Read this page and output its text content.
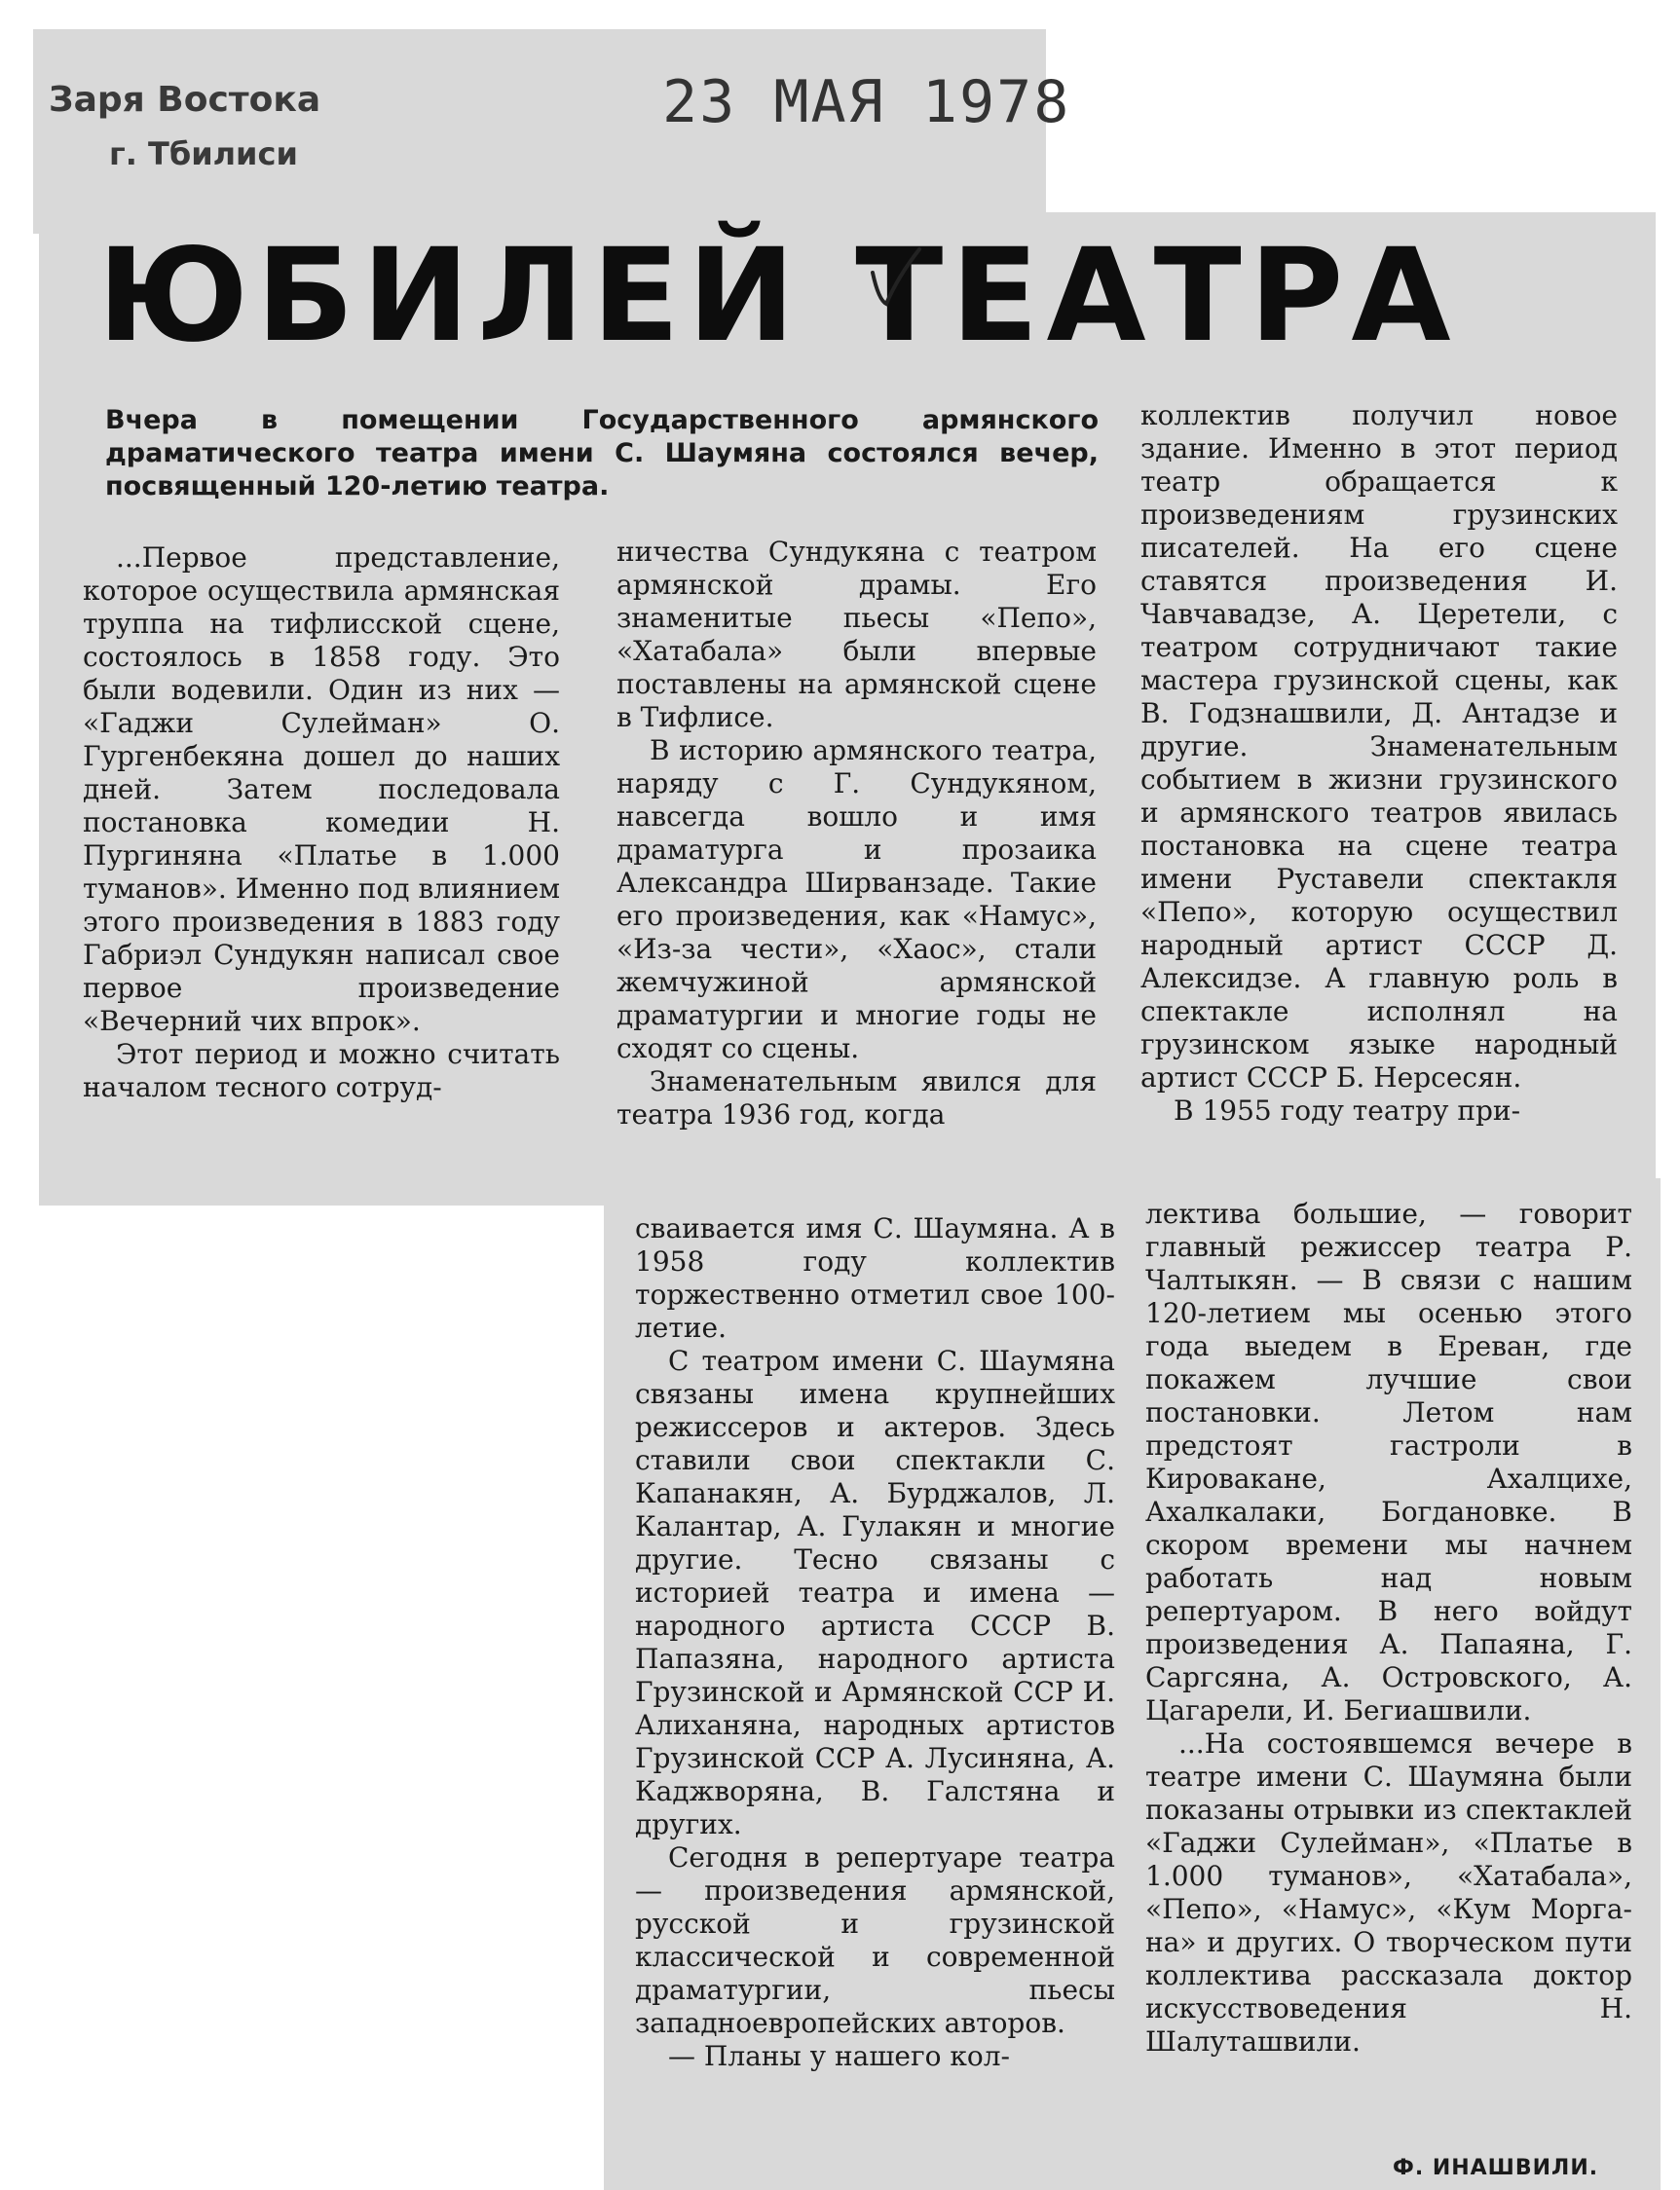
Заря Востока
г. Тбилиси
23 МАЯ 1978
ЮБИЛЕЙ ТЕАТРА
Вчера в помещении Государственного армянского драматического театра имени С. Шаумяна состоялся вечер, посвященный 120-летию театра.

...Первое представление, которое осуществила армянская труппа на тифлисской сцене, состоялось в 1858 году. Это были водевили. Один из них — «Гаджи Сулейман» О. Гургенбекяна дошел до наших дней. Затем последовала постановка комедии Н. Пургиняна «Платье в 1.000 туманов». Именно под влиянием этого произведения в 1883 году Габриэл Сундукян написал свое первое произведение «Вечерний чих впрок».

Этот период и можно считать началом тесного сотруд-

ничества Сундукяна с театром армянской драмы. Его знаменитые пьесы «Пепо», «Хатабала» были впервые поставлены на армянской сцене в Тифлисе.

В историю армянского театра, наряду с Г. Сундукяном, навсегда вошло и имя драматурга и прозаика Александра Ширванзаде. Такие его произведения, как «Намус», «Из-за чести», «Хаос», стали жемчужиной армянской драматургии и многие годы не сходят со сцены.

Знаменательным явился для театра 1936 год, когда

коллектив получил новое здание. Именно в этот период театр обращается к произведениям грузинских писателей. На его сцене ставятся произведения И. Чавчавадзе, А. Церетели, с театром сотрудничают такие мастера грузинской сцены, как В. Годзнашвили, Д. Антадзе и другие. Знаменательным событием в жизни грузинского и армянского театров явилась постановка на сцене театра имени Руставели спектакля «Пепо», которую осуществил народный артист СССР Д. Алексидзе. А главную роль в спектакле исполнял на грузинском языке народный артист СССР Б. Нерсесян.

В 1955 году театру при-

сваивается имя С. Шаумяна. А в 1958 году коллектив торжественно отметил свое 100-летие.

С театром имени С. Шаумяна связаны имена крупнейших режиссеров и актеров. Здесь ставили свои спектакли С. Капанакян, А. Бурджалов, Л. Калантар, А. Гулакян и многие другие. Тесно связаны с историей театра и имена — народного артиста СССР В. Папазяна, народного артиста Грузинской и Армянской ССР И. Алиханяна, народных артистов Грузинской ССР А. Лусиняна, А. Каджворяна, В. Галстяна и других.

Сегодня в репертуаре театра — произведения армянской, русской и грузинской классической и современной драматургии, пьесы западноевропейских авторов.

— Планы у нашего кол-

лектива большие, — говорит главный режиссер театра Р. Чалтыкян. — В связи с нашим 120-летием мы осенью этого года выедем в Ереван, где покажем лучшие свои постановки. Летом нам предстоят гастроли в Кировакане, Ахалцихе, Ахалкалаки, Богдановке. В скором времени мы начнем работать над новым репертуаром. В него войдут произведения А. Папаяна, Г. Саргсяна, А. Островского, А. Цагарели, И. Бегиашвили.

...На состоявшемся вечере в театре имени С. Шаумяна были показаны отрывки из спектаклей «Гаджи Сулейман», «Платье в 1.000 туманов», «Хатабала», «Пепо», «Намус», «Кум Морга-на» и других. О творческом пути коллектива рассказала доктор искусствоведения Н. Шалуташвили.

Ф. ИНАШВИЛИ.
